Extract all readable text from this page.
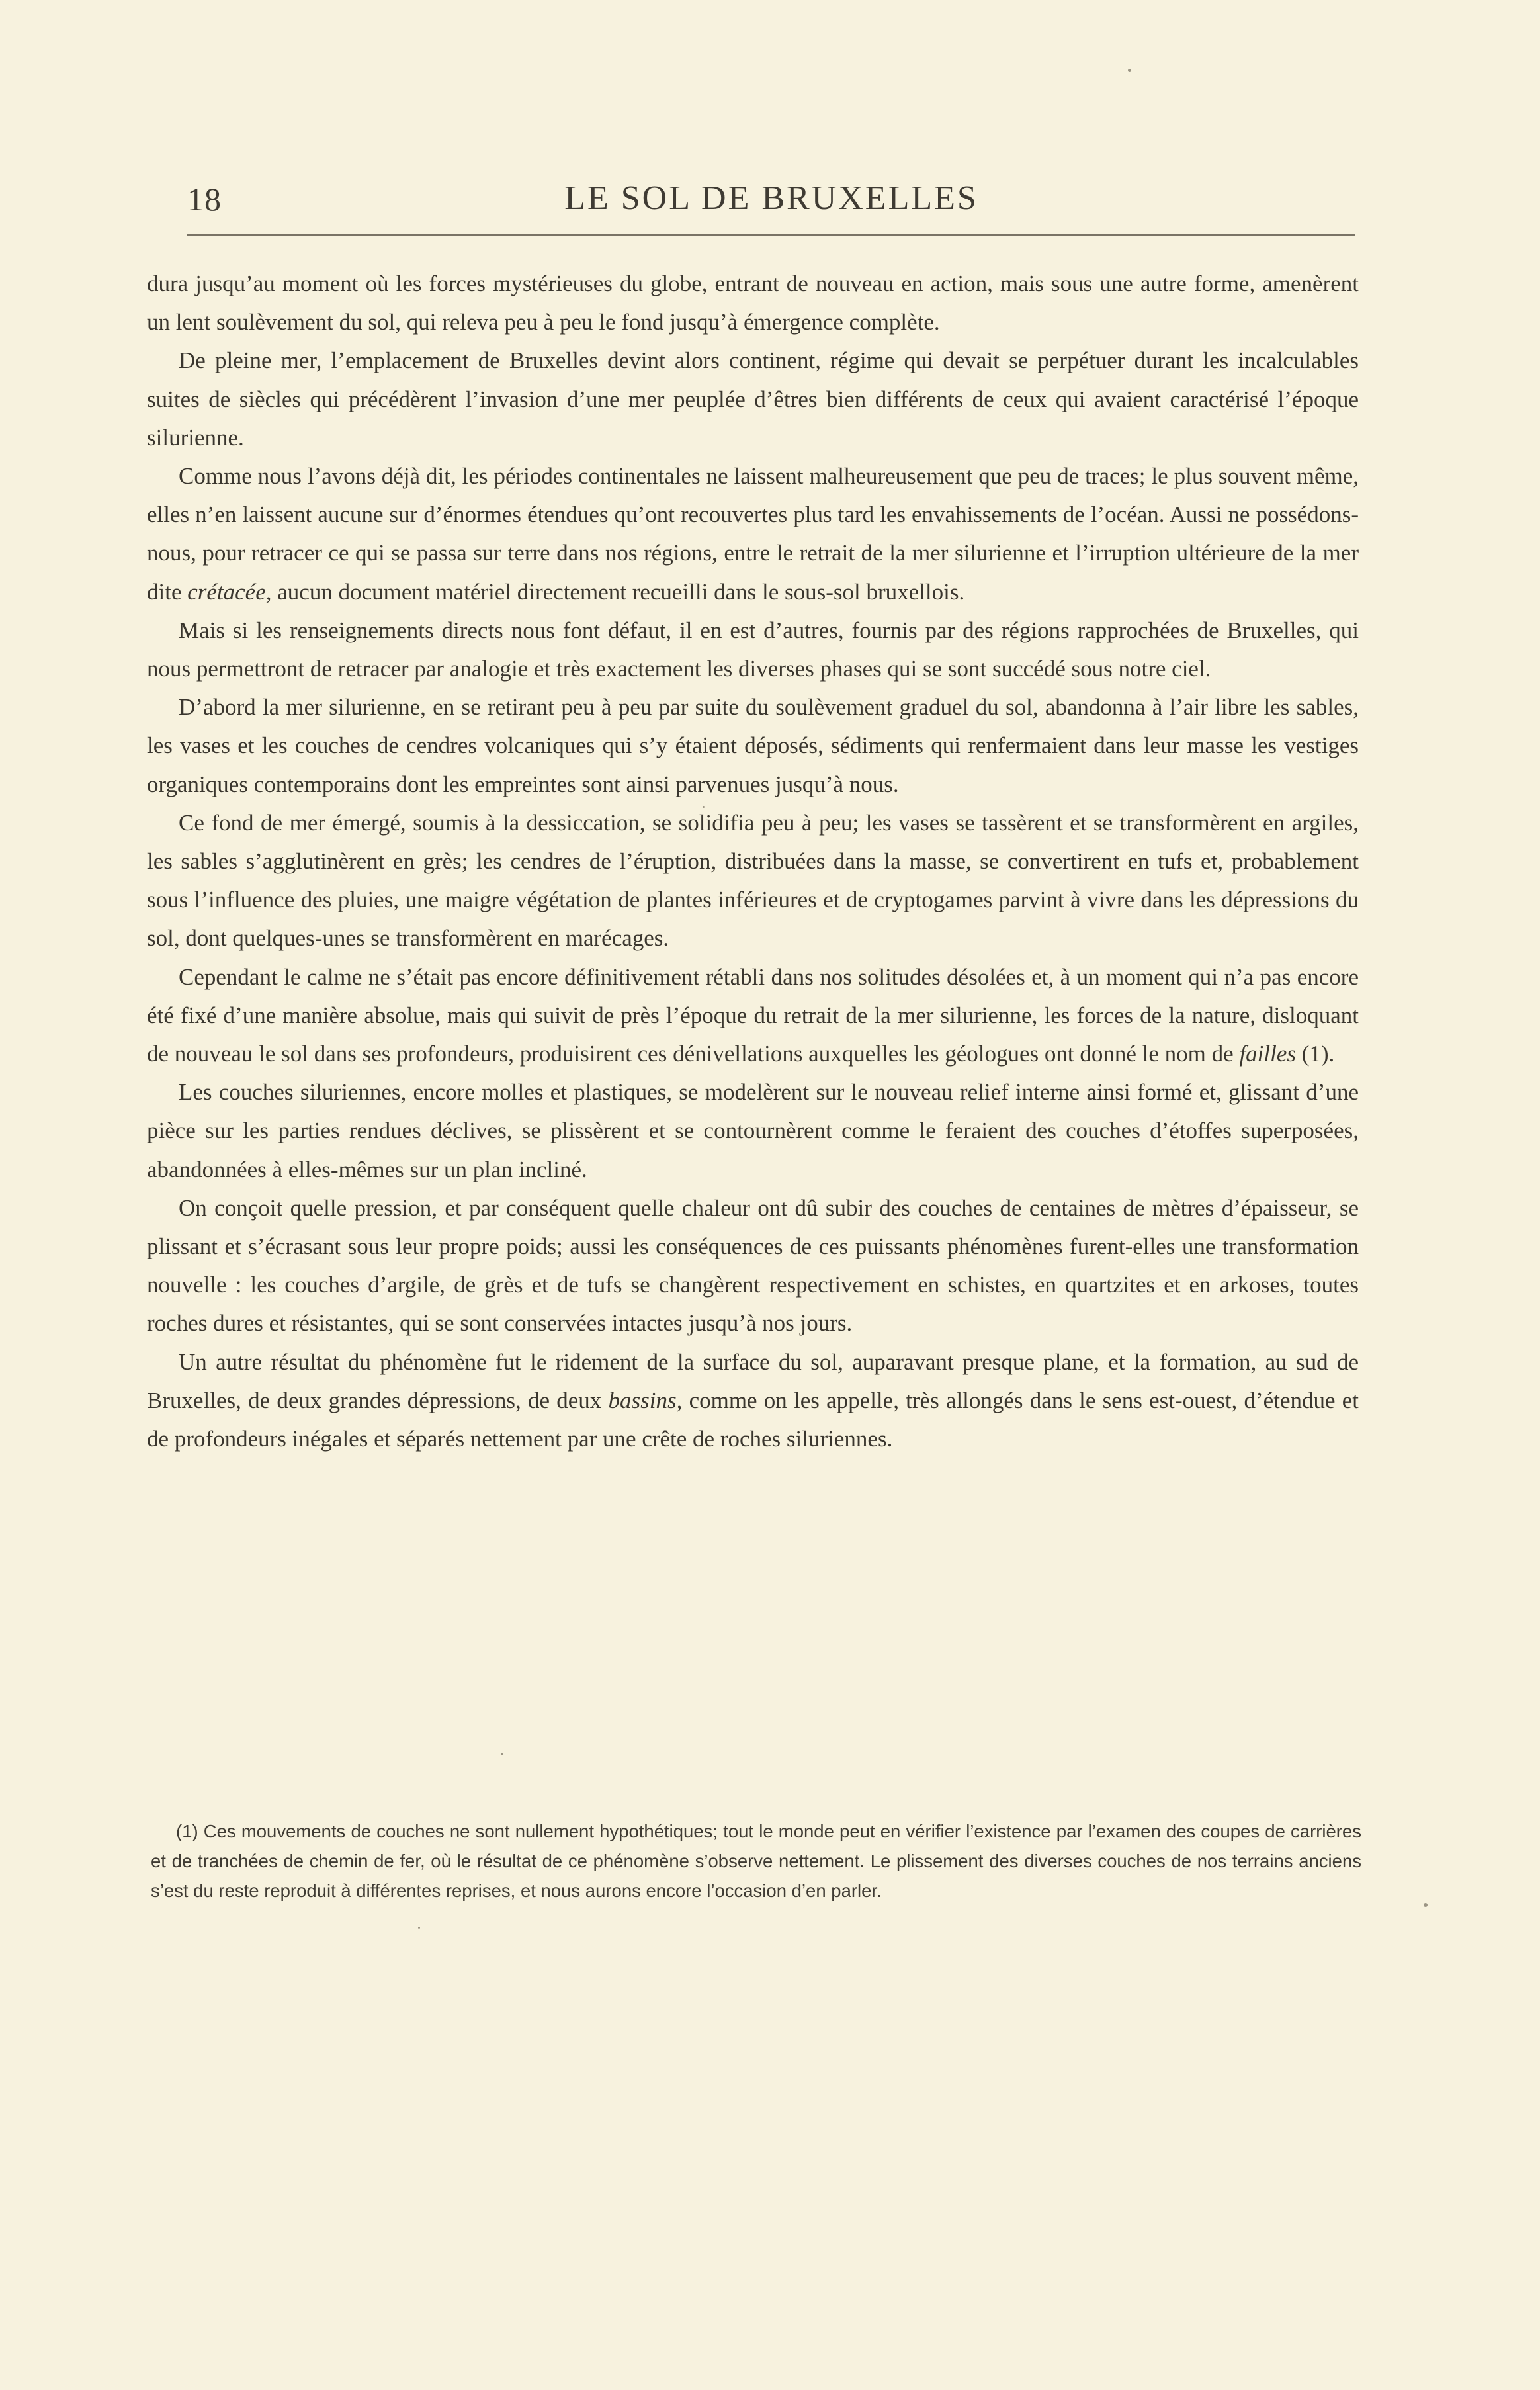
18	LE SOL DE BRUXELLES

dura jusqu’au moment où les forces mystérieuses du globe, entrant de nouveau en action, mais sous une autre forme, amenèrent un lent soulèvement du sol, qui releva peu à peu le fond jusqu’à émergence complète.

De pleine mer, l’emplacement de Bruxelles devint alors continent, régime qui devait se perpétuer durant les incalculables suites de siècles qui précédèrent l’invasion d’une mer peuplée d’êtres bien différents de ceux qui avaient caractérisé l’époque silurienne.

Comme nous l’avons déjà dit, les périodes continentales ne laissent malheureusement que peu de traces; le plus souvent même, elles n’en laissent aucune sur d’énormes étendues qu’ont recouvertes plus tard les envahissements de l’océan. Aussi ne possédons-nous, pour retracer ce qui se passa sur terre dans nos régions, entre le retrait de la mer silurienne et l’irruption ultérieure de la mer dite crétacée, aucun document matériel directement recueilli dans le sous-sol bruxellois.

Mais si les renseignements directs nous font défaut, il en est d’autres, fournis par des régions rapprochées de Bruxelles, qui nous permettront de retracer par analogie et très exactement les diverses phases qui se sont succédé sous notre ciel.

D’abord la mer silurienne, en se retirant peu à peu par suite du soulèvement graduel du sol, abandonna à l’air libre les sables, les vases et les couches de cendres volcaniques qui s’y étaient déposés, sédiments qui renfermaient dans leur masse les vestiges organiques contemporains dont les empreintes sont ainsi parvenues jusqu’à nous.

Ce fond de mer émergé, soumis à la dessiccation, se solidifia peu à peu; les vases se tassèrent et se transformèrent en argiles, les sables s’agglutinèrent en grès; les cendres de l’éruption, distribuées dans la masse, se convertirent en tufs et, probablement sous l’influence des pluies, une maigre végétation de plantes inférieures et de cryptogames parvint à vivre dans les dépressions du sol, dont quelques-unes se transformèrent en marécages.

Cependant le calme ne s’était pas encore définitivement rétabli dans nos solitudes désolées et, à un moment qui n’a pas encore été fixé d’une manière absolue, mais qui suivit de près l’époque du retrait de la mer silurienne, les forces de la nature, disloquant de nouveau le sol dans ses profondeurs, produisirent ces dénivellations auxquelles les géologues ont donné le nom de failles (1).

Les couches siluriennes, encore molles et plastiques, se modelèrent sur le nouveau relief interne ainsi formé et, glissant d’une pièce sur les parties rendues déclives, se plissèrent et se contournèrent comme le feraient des couches d’étoffes superposées, abandonnées à elles-mêmes sur un plan incliné.

On conçoit quelle pression, et par conséquent quelle chaleur ont dû subir des couches de centaines de mètres d’épaisseur, se plissant et s’écrasant sous leur propre poids; aussi les conséquences de ces puissants phénomènes furent-elles une transformation nouvelle : les couches d’argile, de grès et de tufs se changèrent respectivement en schistes, en quartzites et en arkoses, toutes roches dures et résistantes, qui se sont conservées intactes jusqu’à nos jours.

Un autre résultat du phénomène fut le ridement de la surface du sol, auparavant presque plane, et la formation, au sud de Bruxelles, de deux grandes dépressions, de deux bassins, comme on les appelle, très allongés dans le sens est-ouest, d’étendue et de profondeurs inégales et séparés nettement par une crête de roches siluriennes.

(1) Ces mouvements de couches ne sont nullement hypothétiques; tout le monde peut en vérifier l’existence par l’examen des coupes de carrières et de tranchées de chemin de fer, où le résultat de ce phénomène s’observe nettement. Le plissement des diverses couches de nos terrains anciens s’est du reste reproduit à différentes reprises, et nous aurons encore l’occasion d’en parler.
